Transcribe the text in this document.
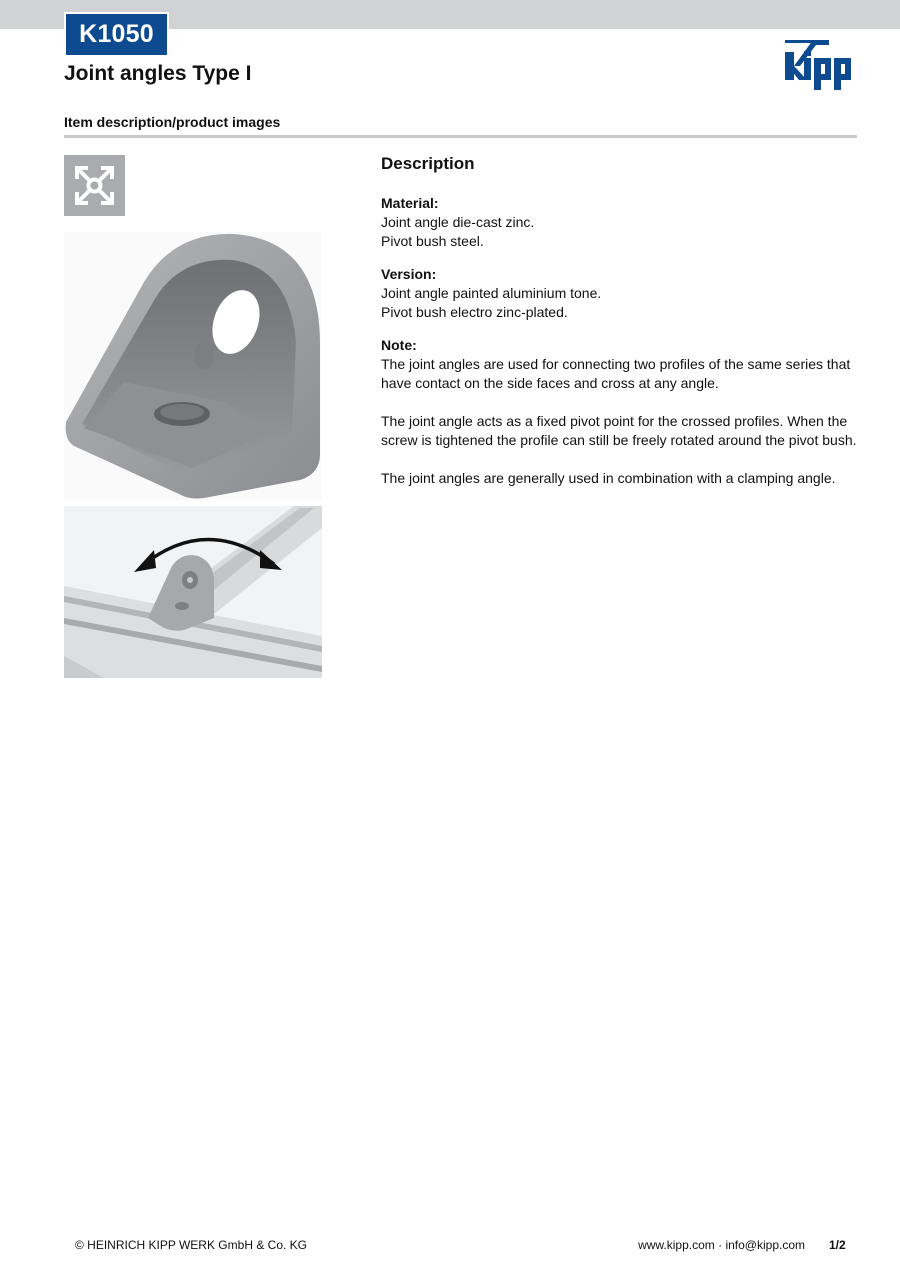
K1050
Joint angles Type I
Item description/product images
Description

Material:

Joint angle die-cast zinc.

Pivot bush steel.

Version:

Joint angle painted aluminium tone.

Pivot bush electro zinc-plated.

Note:

The joint angles are used for connecting two profiles of the same series that have contact on the side faces and cross at any angle.

The joint angle acts as a fixed pivot point for the crossed profiles. When the screw is tightened the profile can still be freely rotated around the pivot bush.

The joint angles are generally used in combination with a clamping angle.

© HEINRICH KIPP WERK GmbH & Co. KG	www.kipp.com · info@kipp.com 1/2
